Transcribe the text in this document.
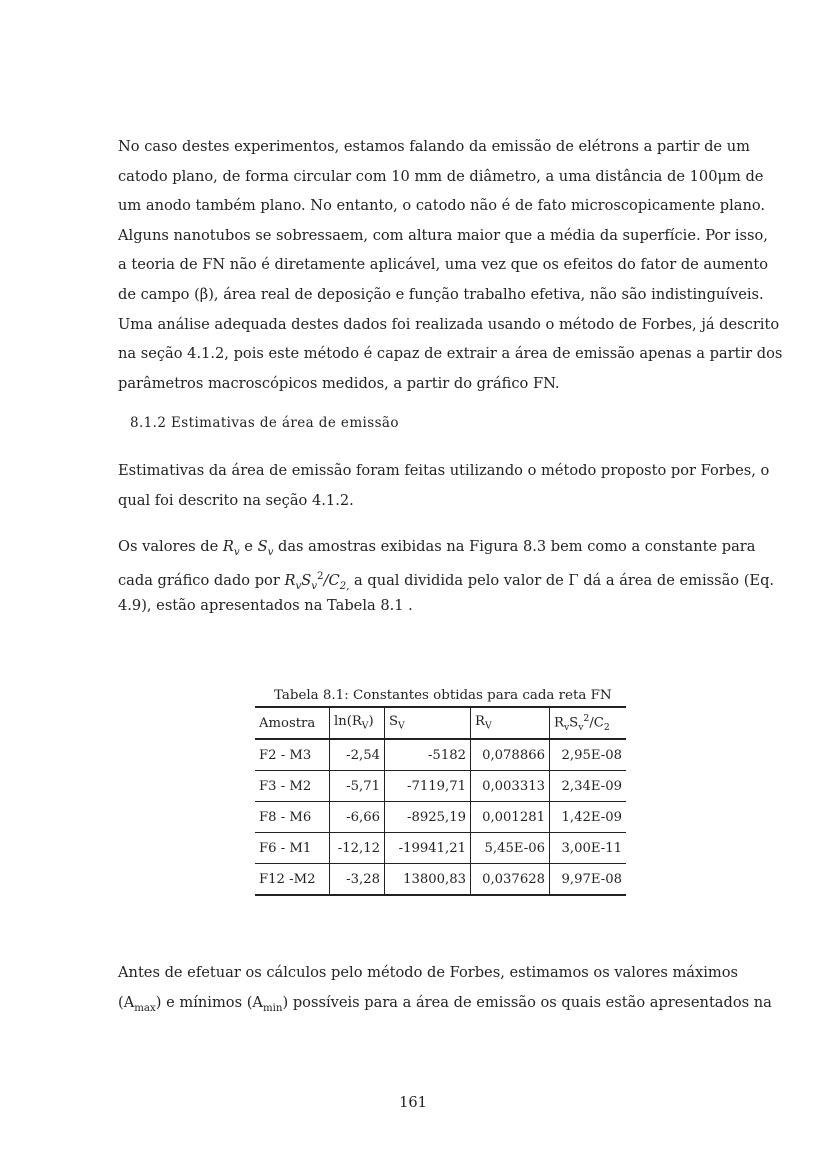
No caso destes experimentos, estamos falando da emissão de elétrons a partir de um
catodo plano, de forma circular com 10 mm de diâmetro, a uma distância de 100μm de
um anodo também plano. No entanto, o catodo não é de fato microscopicamente plano.
Alguns nanotubos se sobressaem, com altura maior que a média da superfície. Por isso,
a teoria de FN não é diretamente aplicável, uma vez que os efeitos do fator de aumento
de campo (β), área real de deposição e função trabalho efetiva, não são indistinguíveis.
Uma análise adequada destes dados foi realizada usando o método de Forbes, já descrito
na seção 4.1.2, pois este método é capaz de extrair a área de emissão apenas a partir dos
parâmetros macroscópicos medidos, a partir do gráfico FN.
8.1.2 Estimativas de área de emissão
Estimativas da área de emissão foram feitas utilizando o método proposto por Forbes, o
qual foi descrito na seção 4.1.2.
Os valores de $R_v$ e $S_v$ das amostras exibidas na Figura 8.3 bem como a constante para
cada gráfico dado por $R_vS_v^2/C_{2,}$ a qual dividida pelo valor de Γ dá a área de emissão (Eq.
4.9), estão apresentados na Tabela 8.1 .
Tabela 8.1: Constantes obtidas para cada reta FN
Amostra	$\ln(R_V)$	$S_V$	$R_V$	$R_vS_v^2/C_2$
F2 - M3	-2,54	-5182	0,078866	2,95E-08
F3 - M2	-5,71	-7119,71	0,003313	2,34E-09
F8 - M6	-6,66	-8925,19	0,001281	1,42E-09
F6 - M1	-12,12	-19941,21	5,45E-06	3,00E-11
F12 -M2	-3,28	13800,83	0,037628	9,97E-08
Antes de efetuar os cálculos pelo método de Forbes, estimamos os valores máximos
$(A_{max})$ e mínimos $(A_{min})$ possíveis para a área de emissão os quais estão apresentados na
161
